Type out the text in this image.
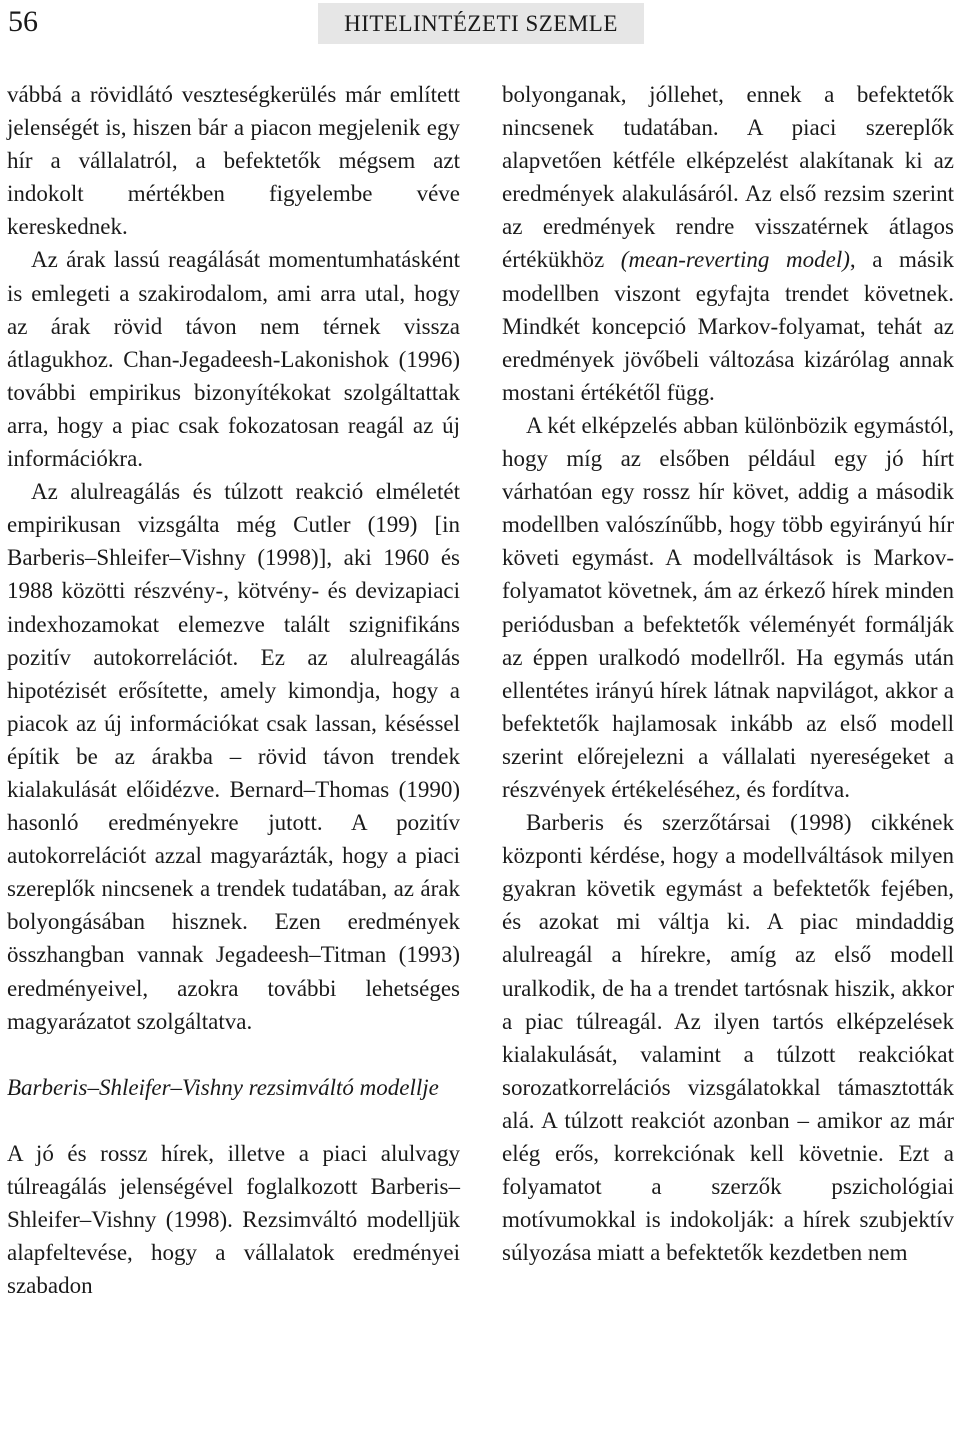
56	HITELINTÉZETI SZEMLE

vábbá a rövidlátó veszteségkerülés már említett jelenségét is, hiszen bár a piacon megjelenik egy hír a vállalatról, a befektetők mégsem azt indokolt mértékben figyelembe véve kereskednek.

Az árak lassú reagálását momentumhatásként is emlegeti a szakirodalom, ami arra utal, hogy az árak rövid távon nem térnek vissza átlagukhoz. Chan-Jegadeesh-Lakonishok (1996) további empirikus bizonyítékokat szolgáltattak arra, hogy a piac csak fokozatosan reagál az új információkra.

Az alulreagálás és túlzott reakció elméletét empirikusan vizsgálta még Cutler (199) [in Barberis–Shleifer–Vishny (1998)], aki 1960 és 1988 közötti részvény-, kötvény- és devizapiaci indexhozamokat elemezve talált szignifikáns pozitív autokorrelációt. Ez az alulreagálás hipotézisét erősítette, amely kimondja, hogy a piacok az új információkat csak lassan, késéssel építik be az árakba – rövid távon trendek kialakulását előidézve. Bernard–Thomas (1990) hasonló eredményekre jutott. A pozitív autokorrelációt azzal magyarázták, hogy a piaci szereplők nincsenek a trendek tudatában, az árak bolyongásában hisznek. Ezen eredmények összhangban vannak Jegadeesh–Titman (1993) eredményeivel, azokra további lehetséges magyarázatot szolgáltatva.

Barberis–Shleifer–Vishny rezsimváltó modellje

A jó és rossz hírek, illetve a piaci alulvagy túlreagálás jelenségével foglalkozott Barberis–Shleifer–Vishny (1998). Rezsimváltó modelljük alapfeltevése, hogy a vállalatok eredményei szabadon

bolyonganak, jóllehet, ennek a befektetők nincsenek tudatában. A piaci szereplők alapvetően kétféle elképzelést alakítanak ki az eredmények alakulásáról. Az első rezsim szerint az eredmények rendre visszatérnek átlagos értékükhöz (mean-reverting model), a másik modellben viszont egyfajta trendet követnek. Mindkét koncepció Markov-folyamat, tehát az eredmények jövőbeli változása kizárólag annak mostani értékétől függ.

A két elképzelés abban különbözik egymástól, hogy míg az elsőben például egy jó hírt várhatóan egy rossz hír követ, addig a második modellben valószínűbb, hogy több egyirányú hír követi egymást. A modellváltások is Markov-folyamatot követnek, ám az érkező hírek minden periódusban a befektetők véleményét formálják az éppen uralkodó modellről. Ha egymás után ellentétes irányú hírek látnak napvilágot, akkor a befektetők hajlamosak inkább az első modell szerint előrejelezni a vállalati nyereségeket a részvények értékeléséhez, és fordítva.

Barberis és szerzőtársai (1998) cikkének központi kérdése, hogy a modellváltások milyen gyakran követik egymást a befektetők fejében, és azokat mi váltja ki. A piac mindaddig alulreagál a hírekre, amíg az első modell uralkodik, de ha a trendet tartósnak hiszik, akkor a piac túlreagál. Az ilyen tartós elképzelések kialakulását, valamint a túlzott reakciókat sorozatkorrelációs vizsgálatokkal támasztották alá. A túlzott reakciót azonban – amikor az már elég erős, korrekciónak kell követnie. Ezt a folyamatot a szerzők pszichológiai motívumokkal is indokolják: a hírek szubjektív súlyozása miatt a befektetők kezdetben nem
